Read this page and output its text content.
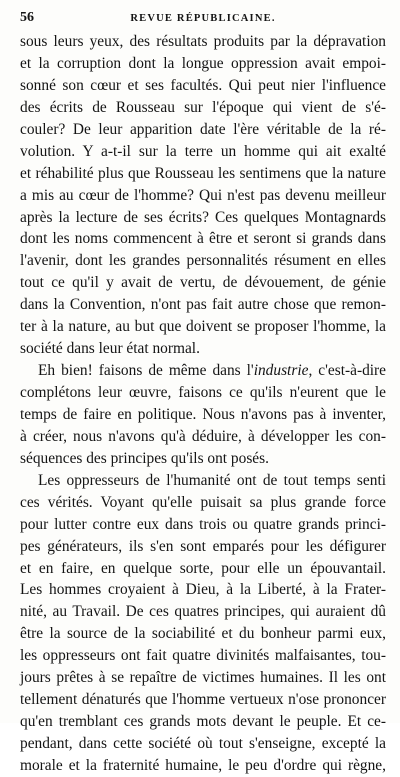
56	REVUE RÉPUBLICAINE.
sous leurs yeux, des résultats produits par la dépravation
et la corruption dont la longue oppression avait empoi-
sonné son cœur et ses facultés. Qui peut nier l'influence
des écrits de Rousseau sur l'époque qui vient de s'é-
couler? De leur apparition date l'ère véritable de la ré-
volution. Y a-t-il sur la terre un homme qui ait exalté
et réhabilité plus que Rousseau les sentimens que la nature
a mis au cœur de l'homme? Qui n'est pas devenu meilleur
après la lecture de ses écrits? Ces quelques Montagnards
dont les noms commencent à être et seront si grands dans
l'avenir, dont les grandes personnalités résument en elles
tout ce qu'il y avait de vertu, de dévouement, de génie
dans la Convention, n'ont pas fait autre chose que remon-
ter à la nature, au but que doivent se proposer l'homme, la
société dans leur état normal.
Eh bien! faisons de même dans l'industrie, c'est-à-dire
complétons leur œuvre, faisons ce qu'ils n'eurent que le
temps de faire en politique. Nous n'avons pas à inventer,
à créer, nous n'avons qu'à déduire, à développer les con-
séquences des principes qu'ils ont posés.
Les oppresseurs de l'humanité ont de tout temps senti
ces vérités. Voyant qu'elle puisait sa plus grande force
pour lutter contre eux dans trois ou quatre grands princi-
pes générateurs, ils s'en sont emparés pour les défigurer
et en faire, en quelque sorte, pour elle un épouvantail.
Les hommes croyaient à Dieu, à la Liberté, à la Frater-
nité, au Travail. De ces quatres principes, qui auraient dû
être la source de la sociabilité et du bonheur parmi eux,
les oppresseurs ont fait quatre divinités malfaisantes, tou-
jours prêtes à se repaître de victimes humaines. Il les ont
tellement dénaturés que l'homme vertueux n'ose prononcer
qu'en tremblant ces grands mots devant le peuple. Et ce-
pendant, dans cette société où tout s'enseigne, excepté la
morale et la fraternité humaine, le peu d'ordre qui règne,
